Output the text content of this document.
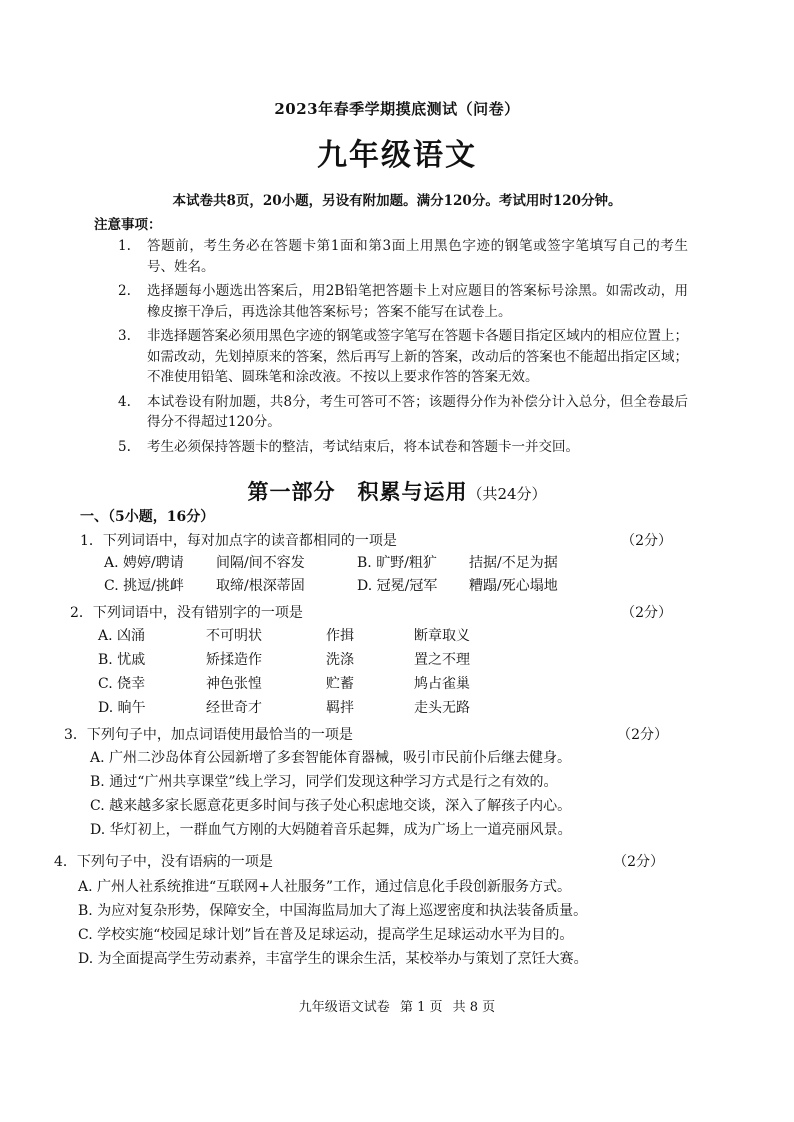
2023年春季学期摸底测试（问卷）
九年级语文
本试卷共8页，20小题，另设有附加题。满分120分。考试用时120分钟。
注意事项：
1. 答题前，考生务必在答题卡第1面和第3面上用黑色字迹的钢笔或签字笔填写自己的考生号、姓名。
2. 选择题每小题选出答案后，用2B铅笔把答题卡上对应题目的答案标号涂黑。如需改动，用橡皮擦干净后，再选涂其他答案标号；答案不能写在试卷上。
3. 非选择题答案必须用黑色字迹的钢笔或签字笔写在答题卡各题目指定区域内的相应位置上；如需改动，先划掉原来的答案，然后再写上新的答案，改动后的答案也不能超出指定区域；不准使用铅笔、圆珠笔和涂改液。不按以上要求作答的答案无效。
4. 本试卷设有附加题，共8分，考生可答可不答；该题得分作为补偿分计入总分，但全卷最后得分不得超过120分。
5. 考生必须保持答题卡的整洁，考试结束后，将本试卷和答题卡一并交回。
第一部分　积累与运用（共24分）
一、（5小题，16分）
1．下列词语中，每对加点字的读音都相同的一项是	（2分）
A. 娉婷/聘请 间隔/间不容发	B. 旷野/粗犷 拮据/不足为据
C. 挑逗/挑衅 取缔/根深蒂固	D. 冠冕/冠军 糟蹋/死心塌地
2．下列词语中，没有错别字的一项是	（2分）
A. 凶涌	不可明状	作揖	断章取义
B. 忧戚	矫揉造作	洗涤	置之不理
C. 侥幸	神色张惶	贮蓄	鸠占雀巢
D. 晌午	经世奇才	羁拌	走头无路
3．下列句子中，加点词语使用最恰当的一项是	（2分）
A. 广州二沙岛体育公园新增了多套智能体育器械，吸引市民前仆后继去健身。
B. 通过“广州共享课堂”线上学习，同学们发现这种学习方式是行之有效的。
C. 越来越多家长愿意花更多时间与孩子处心积虑地交谈，深入了解孩子内心。
D. 华灯初上，一群血气方刚的大妈随着音乐起舞，成为广场上一道亮丽风景。
4．下列句子中，没有语病的一项是	（2分）
A. 广州人社系统推进“互联网+人社服务”工作，通过信息化手段创新服务方式。
B. 为应对复杂形势，保障安全，中国海监局加大了海上巡逻密度和执法装备质量。
C. 学校实施“校园足球计划”旨在普及足球运动，提高学生足球运动水平为目的。
D. 为全面提高学生劳动素养，丰富学生的课余生活，某校举办与策划了烹饪大赛。
九年级语文试卷 第 1 页 共 8 页
